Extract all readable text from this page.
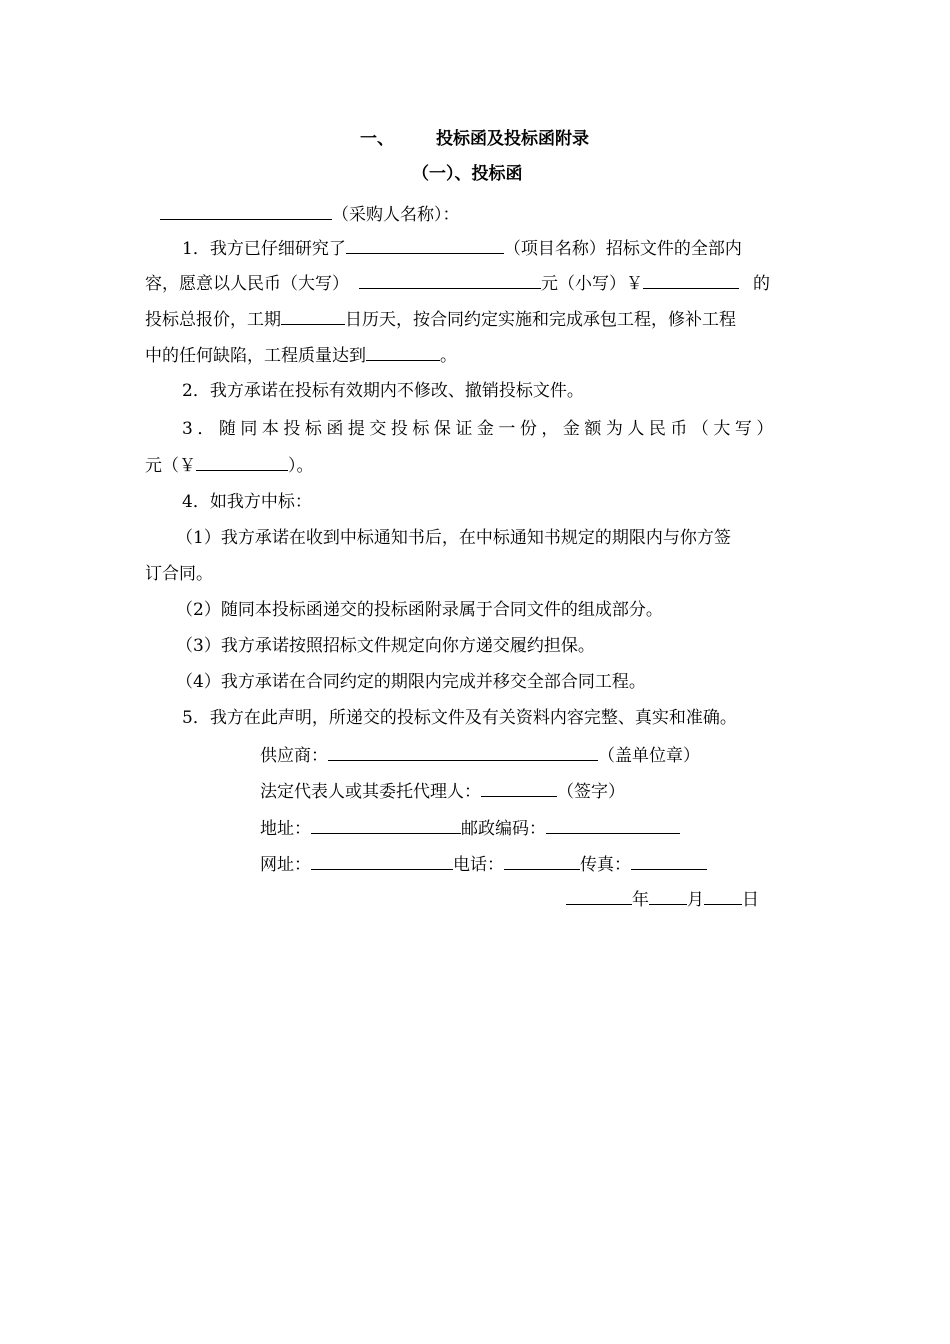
一、 投标函及投标函附录
（一）、投标函
（采购人名称）：
1．我方已仔细研究了	（项目名称）招标文件的全部内
容，愿意以人民币（大写）	元（小写）￥	的
投标总报价，工期	日历天，按合同约定实施和完成承包工程，修补工程
中的任何缺陷，工程质量达到	。
2．我方承诺在投标有效期内不修改、撤销投标文件。
3．随同本投标函提交投标保证金一份，金额为人民币（大写）
元（￥	）。
4．如我方中标：
（1）我方承诺在收到中标通知书后，在中标通知书规定的期限内与你方签
订合同。
（2）随同本投标函递交的投标函附录属于合同文件的组成部分。
（3）我方承诺按照招标文件规定向你方递交履约担保。
（4）我方承诺在合同约定的期限内完成并移交全部合同工程。
5．我方在此声明，所递交的投标文件及有关资料内容完整、真实和准确。
供应商：	（盖单位章）
法定代表人或其委托代理人：	（签字）
地址：	邮政编码：
网址：	电话：	传真：
年 月 日
